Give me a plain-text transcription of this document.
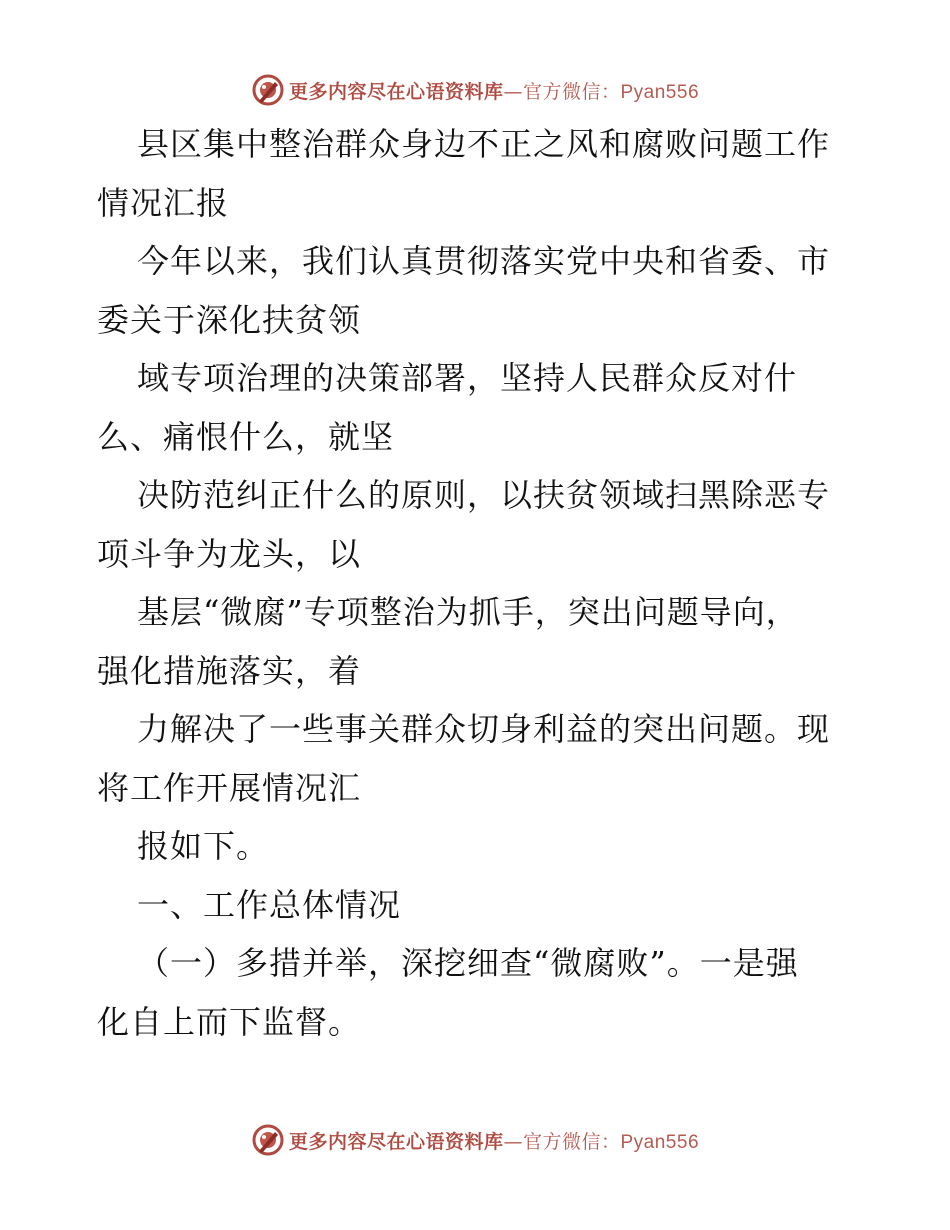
更多内容尽在心语资料库—官方微信：Pyan556
县区集中整治群众身边不正之风和腐败问题工作
情况汇报
今年以来，我们认真贯彻落实党中央和省委、市
委关于深化扶贫领
域专项治理的决策部署，坚持人民群众反对什
么、痛恨什么，就坚
决防范纠正什么的原则，以扶贫领域扫黑除恶专
项斗争为龙头，以
基层“微腐”专项整治为抓手，突出问题导向，
强化措施落实，着
力解决了一些事关群众切身利益的突出问题。现
将工作开展情况汇
报如下。
一、工作总体情况
（一）多措并举，深挖细查“微腐败”。一是强
化自上而下监督。
更多内容尽在心语资料库—官方微信：Pyan556
